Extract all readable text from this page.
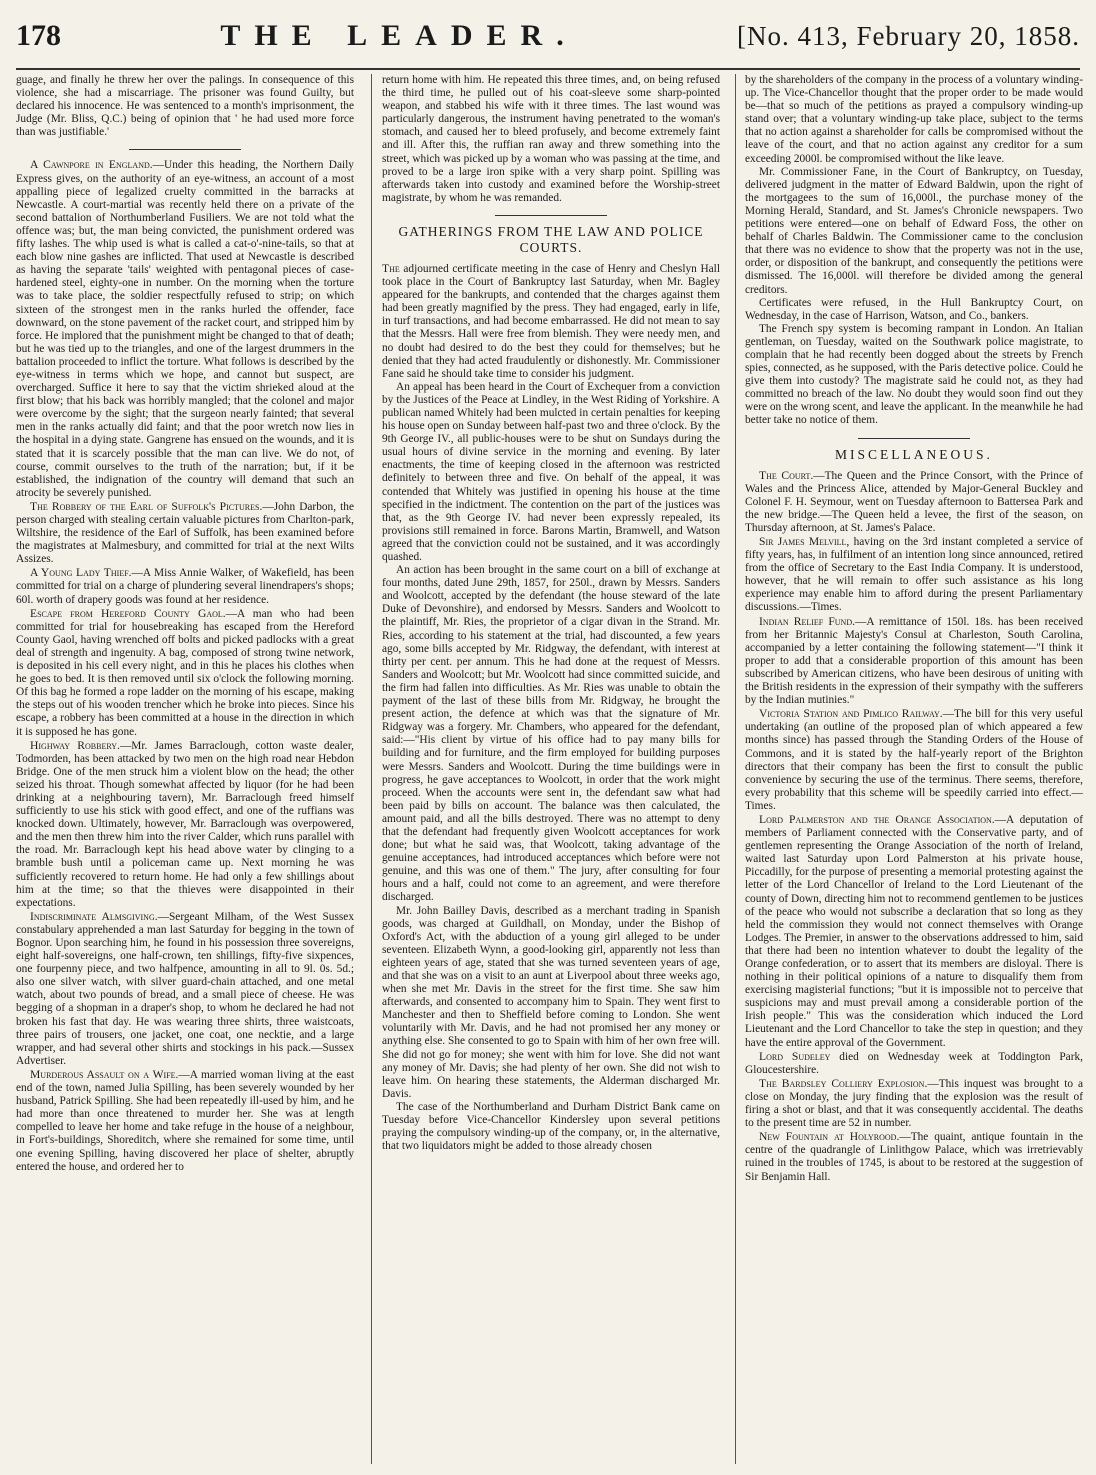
178	THE LEADER.	[No. 413, February 20, 1858.

guage, and finally he threw her over the palings. In consequence of this violence, she had a miscarriage. The prisoner was found Guilty, but declared his innocence. He was sentenced to a month's imprisonment, the Judge (Mr. Bliss, Q.C.) being of opinion that ' he had used more force than was justifiable.'

A Cawnpore in England.—Under this heading, the Northern Daily Express gives, on the authority of an eye-witness, an account of a most appalling piece of legalized cruelty committed in the barracks at Newcastle. A court-martial was recently held there on a private of the second battalion of Northumberland Fusiliers. We are not told what the offence was; but, the man being convicted, the punishment ordered was fifty lashes. The whip used is what is called a cat-o'-nine-tails, so that at each blow nine gashes are inflicted. That used at Newcastle is described as having the separate 'tails' weighted with pentagonal pieces of case-hardened steel, eighty-one in number. On the morning when the torture was to take place, the soldier respectfully refused to strip; on which sixteen of the strongest men in the ranks hurled the offender, face downward, on the stone pavement of the racket court, and stripped him by force. He implored that the punishment might be changed to that of death; but he was tied up to the triangles, and one of the largest drummers in the battalion proceeded to inflict the torture. What follows is described by the eye-witness in terms which we hope, and cannot but suspect, are overcharged. Suffice it here to say that the victim shrieked aloud at the first blow; that his back was horribly mangled; that the colonel and major were overcome by the sight; that the surgeon nearly fainted; that several men in the ranks actually did faint; and that the poor wretch now lies in the hospital in a dying state. Gangrene has ensued on the wounds, and it is stated that it is scarcely possible that the man can live. We do not, of course, commit ourselves to the truth of the narration; but, if it be established, the indignation of the country will demand that such an atrocity be severely punished.

The Robbery of the Earl of Suffolk's Pictures.—John Darbon, the person charged with stealing certain valuable pictures from Charlton-park, Wiltshire, the residence of the Earl of Suffolk, has been examined before the magistrates at Malmesbury, and committed for trial at the next Wilts Assizes.

A Young Lady Thief.—A Miss Annie Walker, of Wakefield, has been committed for trial on a charge of plundering several linendrapers's shops; 60l. worth of drapery goods was found at her residence.

Escape from Hereford County Gaol.—A man who had been committed for trial for housebreaking has escaped from the Hereford County Gaol, having wrenched off bolts and picked padlocks with a great deal of strength and ingenuity. A bag, composed of strong twine network, is deposited in his cell every night, and in this he places his clothes when he goes to bed. It is then removed until six o'clock the following morning. Of this bag he formed a rope ladder on the morning of his escape, making the steps out of his wooden trencher which he broke into pieces. Since his escape, a robbery has been committed at a house in the direction in which it is supposed he has gone.

Highway Robbery.—Mr. James Barraclough, cotton waste dealer, Todmorden, has been attacked by two men on the high road near Hebdon Bridge. One of the men struck him a violent blow on the head; the other seized his throat. Though somewhat affected by liquor (for he had been drinking at a neighbouring tavern), Mr. Barraclough freed himself sufficiently to use his stick with good effect, and one of the ruffians was knocked down. Ultimately, however, Mr. Barraclough was overpowered, and the men then threw him into the river Calder, which runs parallel with the road. Mr. Barraclough kept his head above water by clinging to a bramble bush until a policeman came up. Next morning he was sufficiently recovered to return home. He had only a few shillings about him at the time; so that the thieves were disappointed in their expectations.

Indiscriminate Almsgiving.—Sergeant Milham, of the West Sussex constabulary apprehended a man last Saturday for begging in the town of Bognor. Upon searching him, he found in his possession three sovereigns, eight half-sovereigns, one half-crown, ten shillings, fifty-five sixpences, one fourpenny piece, and two halfpence, amounting in all to 9l. 0s. 5d.; also one silver watch, with silver guard-chain attached, and one metal watch, about two pounds of bread, and a small piece of cheese. He was begging of a shopman in a draper's shop, to whom he declared he had not broken his fast that day. He was wearing three shirts, three waistcoats, three pairs of trousers, one jacket, one coat, one necktie, and a large wrapper, and had several other shirts and stockings in his pack.—Sussex Advertiser.

Murderous Assault on a Wife.—A married woman living at the east end of the town, named Julia Spilling, has been severely wounded by her husband, Patrick Spilling. She had been repeatedly ill-used by him, and he had more than once threatened to murder her. She was at length compelled to leave her home and take refuge in the house of a neighbour, in Fort's-buildings, Shoreditch, where she remained for some time, until one evening Spilling, having discovered her place of shelter, abruptly entered the house, and ordered her to

return home with him. He repeated this three times, and, on being refused the third time, he pulled out of his coat-sleeve some sharp-pointed weapon, and stabbed his wife with it three times. The last wound was particularly dangerous, the instrument having penetrated to the woman's stomach, and caused her to bleed profusely, and become extremely faint and ill. After this, the ruffian ran away and threw something into the street, which was picked up by a woman who was passing at the time, and proved to be a large iron spike with a very sharp point. Spilling was afterwards taken into custody and examined before the Worship-street magistrate, by whom he was remanded.

GATHERINGS FROM THE LAW AND POLICE COURTS.

The adjourned certificate meeting in the case of Henry and Cheslyn Hall took place in the Court of Bankruptcy last Saturday, when Mr. Bagley appeared for the bankrupts, and contended that the charges against them had been greatly magnified by the press. They had engaged, early in life, in turf transactions, and had become embarrassed. He did not mean to say that the Messrs. Hall were free from blemish. They were needy men, and no doubt had desired to do the best they could for themselves; but he denied that they had acted fraudulently or dishonestly. Mr. Commissioner Fane said he should take time to consider his judgment.

An appeal has been heard in the Court of Exchequer from a conviction by the Justices of the Peace at Lindley, in the West Riding of Yorkshire. A publican named Whitely had been mulcted in certain penalties for keeping his house open on Sunday between half-past two and three o'clock. By the 9th George IV., all public-houses were to be shut on Sundays during the usual hours of divine service in the morning and evening. By later enactments, the time of keeping closed in the afternoon was restricted definitely to between three and five. On behalf of the appeal, it was contended that Whitely was justified in opening his house at the time specified in the indictment. The contention on the part of the justices was that, as the 9th George IV. had never been expressly repealed, its provisions still remained in force. Barons Martin, Bramwell, and Watson agreed that the conviction could not be sustained, and it was accordingly quashed.

An action has been brought in the same court on a bill of exchange at four months, dated June 29th, 1857, for 250l., drawn by Messrs. Sanders and Woolcott, accepted by the defendant (the house steward of the late Duke of Devonshire), and endorsed by Messrs. Sanders and Woolcott to the plaintiff, Mr. Ries, the proprietor of a cigar divan in the Strand. Mr. Ries, according to his statement at the trial, had discounted, a few years ago, some bills accepted by Mr. Ridgway, the defendant, with interest at thirty per cent. per annum. This he had done at the request of Messrs. Sanders and Woolcott; but Mr. Woolcott had since committed suicide, and the firm had fallen into difficulties. As Mr. Ries was unable to obtain the payment of the last of these bills from Mr. Ridgway, he brought the present action, the defence at which was that the signature of Mr. Ridgway was a forgery. Mr. Chambers, who appeared for the defendant, said:—"His client by virtue of his office had to pay many bills for building and for furniture, and the firm employed for building purposes were Messrs. Sanders and Woolcott. During the time buildings were in progress, he gave acceptances to Woolcott, in order that the work might proceed. When the accounts were sent in, the defendant saw what had been paid by bills on account. The balance was then calculated, the amount paid, and all the bills destroyed. There was no attempt to deny that the defendant had frequently given Woolcott acceptances for work done; but what he said was, that Woolcott, taking advantage of the genuine acceptances, had introduced acceptances which before were not genuine, and this was one of them." The jury, after consulting for four hours and a half, could not come to an agreement, and were therefore discharged.

Mr. John Bailley Davis, described as a merchant trading in Spanish goods, was charged at Guildhall, on Monday, under the Bishop of Oxford's Act, with the abduction of a young girl alleged to be under seventeen. Elizabeth Wynn, a good-looking girl, apparently not less than eighteen years of age, stated that she was turned seventeen years of age, and that she was on a visit to an aunt at Liverpool about three weeks ago, when she met Mr. Davis in the street for the first time. She saw him afterwards, and consented to accompany him to Spain. They went first to Manchester and then to Sheffield before coming to London. She went voluntarily with Mr. Davis, and he had not promised her any money or anything else. She consented to go to Spain with him of her own free will. She did not go for money; she went with him for love. She did not want any money of Mr. Davis; she had plenty of her own. She did not wish to leave him. On hearing these statements, the Alderman discharged Mr. Davis.

The case of the Northumberland and Durham District Bank came on Tuesday before Vice-Chancellor Kindersley upon several petitions praying the compulsory winding-up of the company, or, in the alternative, that two liquidators might be added to those already chosen

by the shareholders of the company in the process of a voluntary winding-up. The Vice-Chancellor thought that the proper order to be made would be—that so much of the petitions as prayed a compulsory winding-up stand over; that a voluntary winding-up take place, subject to the terms that no action against a shareholder for calls be compromised without the leave of the court, and that no action against any creditor for a sum exceeding 2000l. be compromised without the like leave.

Mr. Commissioner Fane, in the Court of Bankruptcy, on Tuesday, delivered judgment in the matter of Edward Baldwin, upon the right of the mortgagees to the sum of 16,000l., the purchase money of the Morning Herald, Standard, and St. James's Chronicle newspapers. Two petitions were entered—one on behalf of Edward Foss, the other on behalf of Charles Baldwin. The Commissioner came to the conclusion that there was no evidence to show that the property was not in the use, order, or disposition of the bankrupt, and consequently the petitions were dismissed. The 16,000l. will therefore be divided among the general creditors.

Certificates were refused, in the Hull Bankruptcy Court, on Wednesday, in the case of Harrison, Watson, and Co., bankers.

The French spy system is becoming rampant in London. An Italian gentleman, on Tuesday, waited on the Southwark police magistrate, to complain that he had recently been dogged about the streets by French spies, connected, as he supposed, with the Paris detective police. Could he give them into custody? The magistrate said he could not, as they had committed no breach of the law. No doubt they would soon find out they were on the wrong scent, and leave the applicant. In the meanwhile he had better take no notice of them.

MISCELLANEOUS.

The Court.—The Queen and the Prince Consort, with the Prince of Wales and the Princess Alice, attended by Major-General Buckley and Colonel F. H. Seymour, went on Tuesday afternoon to Battersea Park and the new bridge.—The Queen held a levee, the first of the season, on Thursday afternoon, at St. James's Palace.

Sir James Melvill, having on the 3rd instant completed a service of fifty years, has, in fulfilment of an intention long since announced, retired from the office of Secretary to the East India Company. It is understood, however, that he will remain to offer such assistance as his long experience may enable him to afford during the present Parliamentary discussions.—Times.

Indian Relief Fund.—A remittance of 150l. 18s. has been received from her Britannic Majesty's Consul at Charleston, South Carolina, accompanied by a letter containing the following statement—"I think it proper to add that a considerable proportion of this amount has been subscribed by American citizens, who have been desirous of uniting with the British residents in the expression of their sympathy with the sufferers by the Indian mutinies."

Victoria Station and Pimlico Railway.—The bill for this very useful undertaking (an outline of the proposed plan of which appeared a few months since) has passed through the Standing Orders of the House of Commons, and it is stated by the half-yearly report of the Brighton directors that their company has been the first to consult the public convenience by securing the use of the terminus. There seems, therefore, every probability that this scheme will be speedily carried into effect.—Times.

Lord Palmerston and the Orange Association.—A deputation of members of Parliament connected with the Conservative party, and of gentlemen representing the Orange Association of the north of Ireland, waited last Saturday upon Lord Palmerston at his private house, Piccadilly, for the purpose of presenting a memorial protesting against the letter of the Lord Chancellor of Ireland to the Lord Lieutenant of the county of Down, directing him not to recommend gentlemen to be justices of the peace who would not subscribe a declaration that so long as they held the commission they would not connect themselves with Orange Lodges. The Premier, in answer to the observations addressed to him, said that there had been no intention whatever to doubt the legality of the Orange confederation, or to assert that its members are disloyal. There is nothing in their political opinions of a nature to disqualify them from exercising magisterial functions; "but it is impossible not to perceive that suspicions may and must prevail among a considerable portion of the Irish people." This was the consideration which induced the Lord Lieutenant and the Lord Chancellor to take the step in question; and they have the entire approval of the Government.

Lord Sudeley died on Wednesday week at Toddington Park, Gloucestershire.

The Bardsley Colliery Explosion.—This inquest was brought to a close on Monday, the jury finding that the explosion was the result of firing a shot or blast, and that it was consequently accidental. The deaths to the present time are 52 in number.

New Fountain at Holyrood.—The quaint, antique fountain in the centre of the quadrangle of Linlithgow Palace, which was irretrievably ruined in the troubles of 1745, is about to be restored at the suggestion of Sir Benjamin Hall.
